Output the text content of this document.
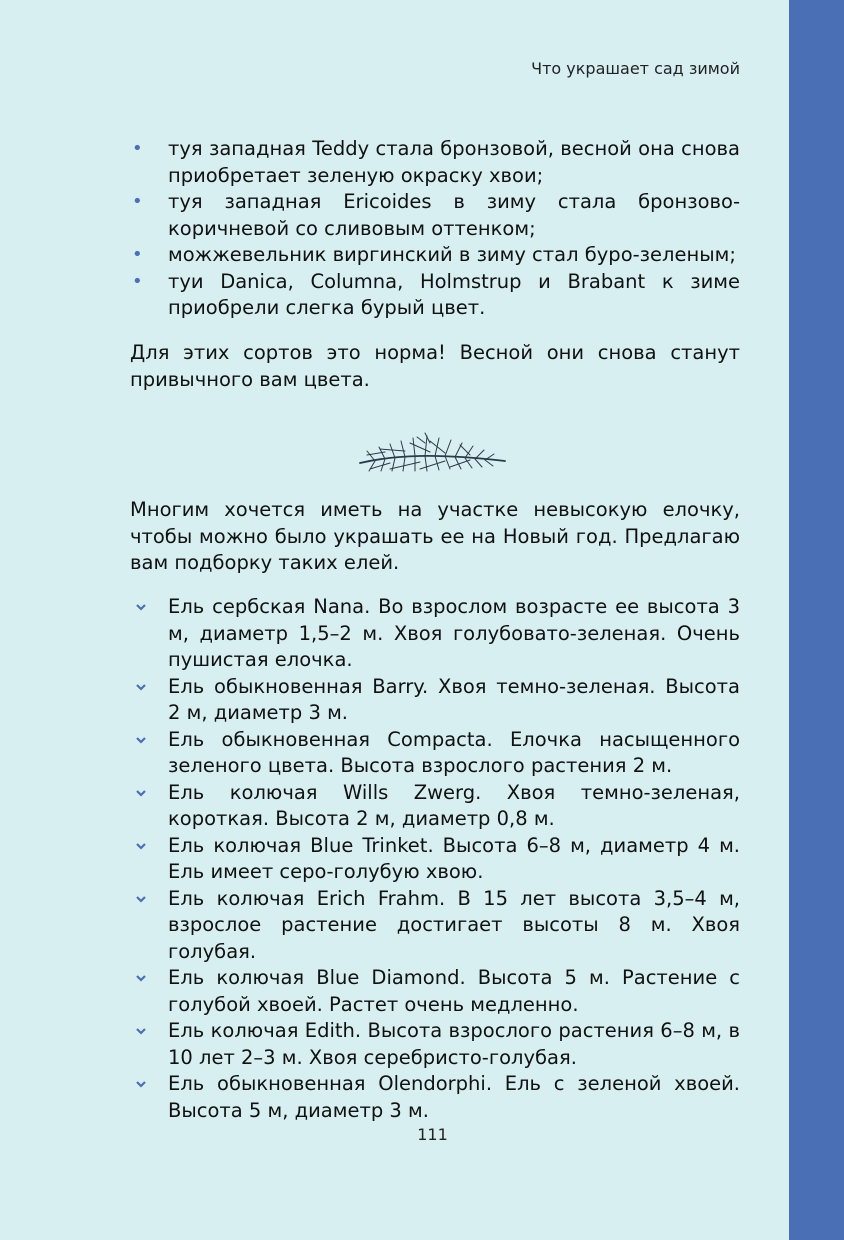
Что украшает сад зимой

• туя западная Teddy стала бронзовой, весной она снова приобретает зеленую окраску хвои;
• туя западная Ericoides в зиму стала бронзово-коричневой со сливовым оттенком;
• можжевельник виргинский в зиму стал буро-зеленым;
• туи Danica, Columna, Holmstrup и Brabant к зиме приобрели слегка бурый цвет.

Для этих сортов это норма! Весной они снова станут привычного вам цвета.

Многим хочется иметь на участке невысокую елочку, чтобы можно было украшать ее на Новый год. Предлагаю вам подборку таких елей.

Ель сербская Nana. Во взрослом возрасте ее высота 3 м, диаметр 1,5–2 м. Хвоя голубовато-зеленая. Очень пушистая елочка.
Ель обыкновенная Barry. Хвоя темно-зеленая. Высота 2 м, диаметр 3 м.
Ель обыкновенная Compacta. Елочка насыщенного зеленого цвета. Высота взрослого растения 2 м.
Ель колючая Wills Zwerg. Хвоя темно-зеленая, короткая. Высота 2 м, диаметр 0,8 м.
Ель колючая Blue Trinket. Высота 6–8 м, диаметр 4 м. Ель имеет серо-голубую хвою.
Ель колючая Erich Frahm. В 15 лет высота 3,5–4 м, взрослое растение достигает высоты 8 м. Хвоя голубая.
Ель колючая Blue Diamond. Высота 5 м. Растение с голубой хвоей. Растет очень медленно.
Ель колючая Edith. Высота взрослого растения 6–8 м, в 10 лет 2–3 м. Хвоя серебристо-голубая.
Ель обыкновенная Olendorphi. Ель с зеленой хвоей. Высота 5 м, диаметр 3 м.

111
